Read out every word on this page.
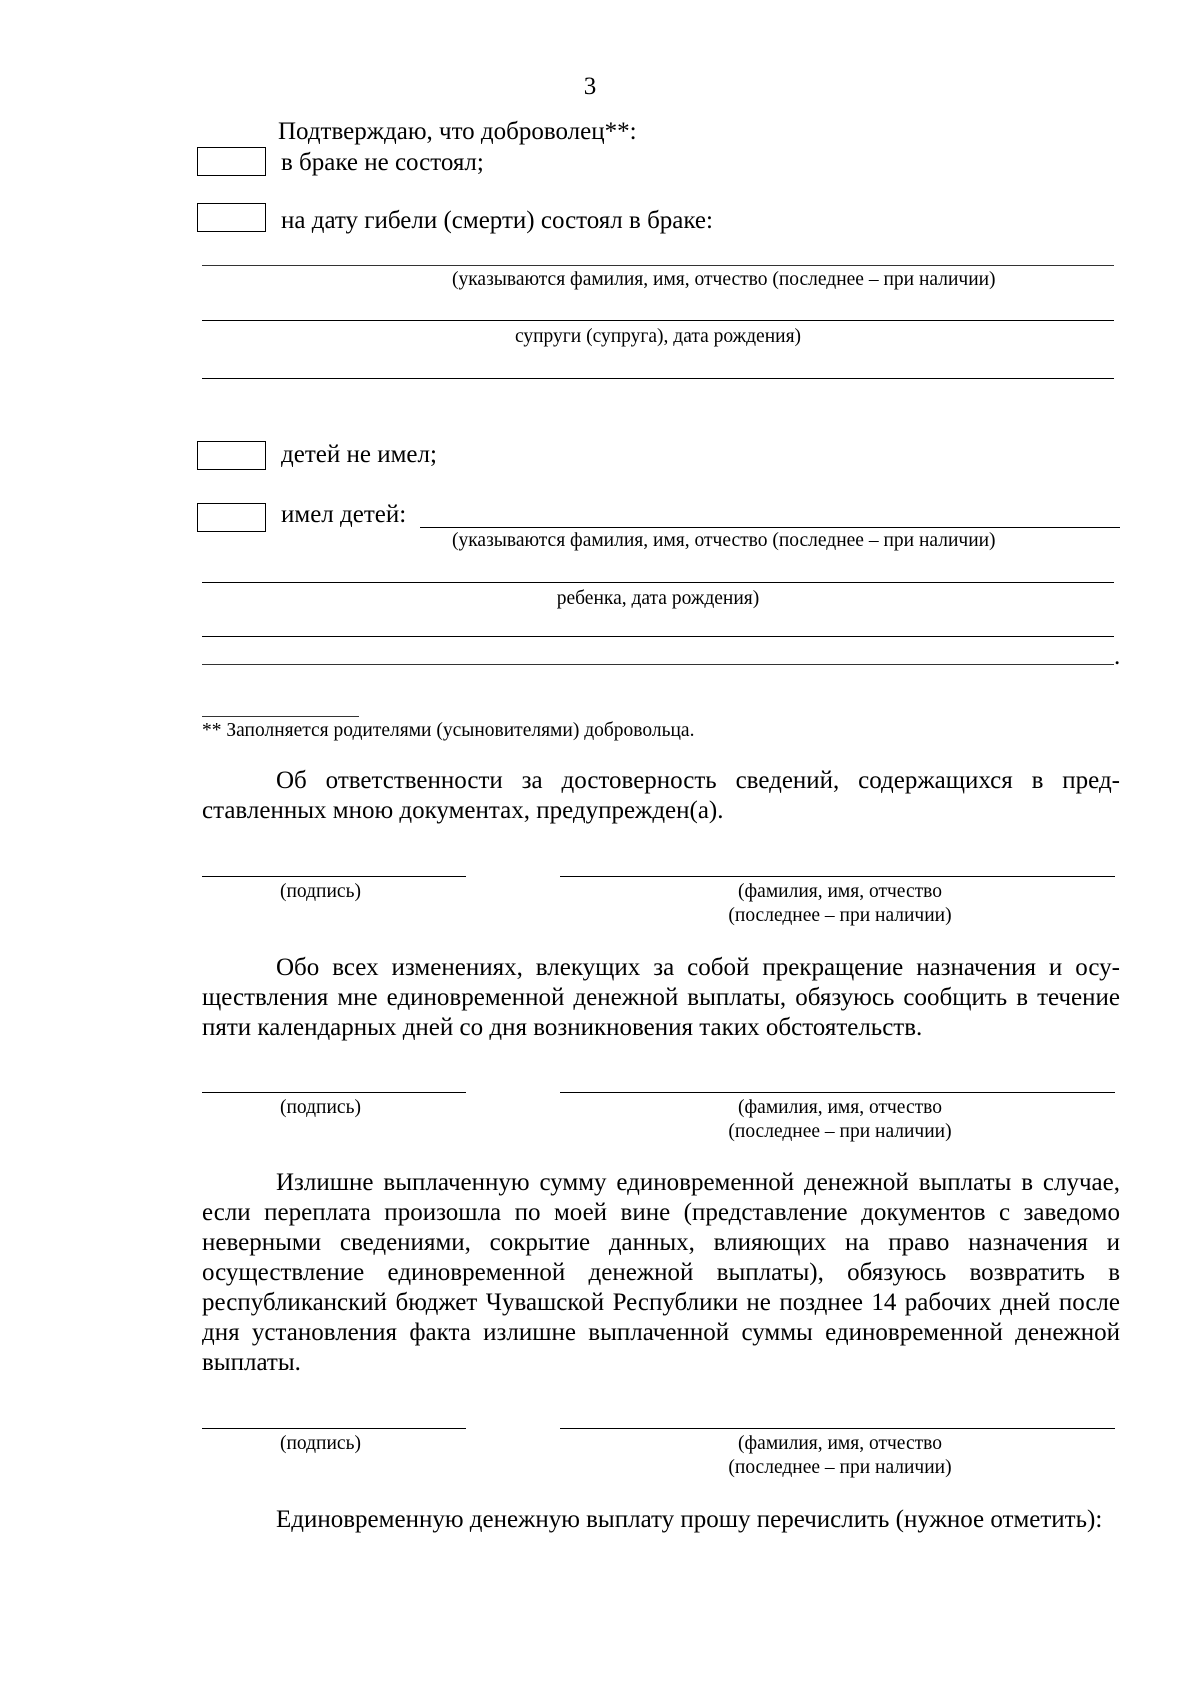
3
Подтверждаю, что доброволец**:
в браке не состоял;
на дату гибели (смерти) состоял в браке:
(указываются фамилия, имя, отчество (последнее – при наличии)
супруги (супруга), дата рождения)
детей не имел;
имел детей:
(указываются фамилия, имя, отчество (последнее – при наличии)
ребенка, дата рождения)
.
** Заполняется родителями (усыновителями) добровольца.
Об ответственности за достоверность сведений, содержащихся в представленных мною документах, предупрежден(а).
(подпись)	(фамилия, имя, отчество
(последнее – при наличии)
Обо всех изменениях, влекущих за собой прекращение назначения и осуществления мне единовременной денежной выплаты, обязуюсь сообщить в течение пяти календарных дней со дня возникновения таких обстоятельств.
(подпись)	(фамилия, имя, отчество
(последнее – при наличии)
Излишне выплаченную сумму единовременной денежной выплаты в случае, если переплата произошла по моей вине (представление документов с заведомо неверными сведениями, сокрытие данных, влияющих на право назначения и осуществление единовременной денежной выплаты), обязуюсь возвратить в республиканский бюджет Чувашской Республики не позднее 14 рабочих дней после дня установления факта излишне выплаченной суммы единовременной денежной выплаты.
(подпись)	(фамилия, имя, отчество
(последнее – при наличии)
Единовременную денежную выплату прошу перечислить (нужное отметить):
